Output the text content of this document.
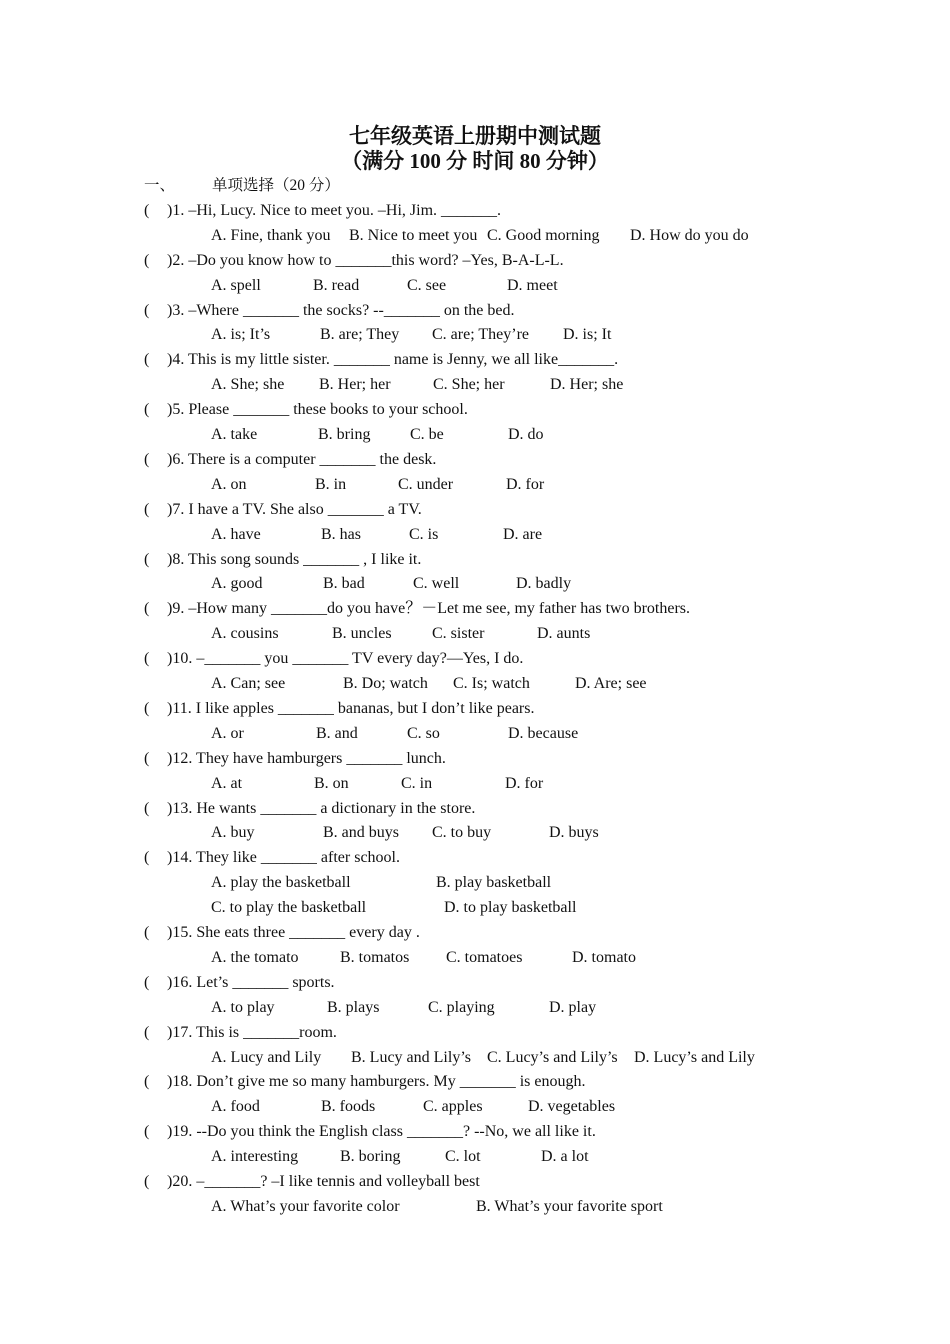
七年级英语上册期中测试题
（满分 100 分 时间 80 分钟）
一、 单项选择（20 分）
( )1. –Hi, Lucy. Nice to meet you. –Hi, Jim. _______.
A. Fine, thank you B. Nice to meet you C. Good morning D. How do you do
( )2. –Do you know how to _______this word? –Yes, B-A-L-L.
A. spell	B. read	C. see	D. meet
( )3. –Where _______ the socks? --_______ on the bed.
A. is; It’s	B. are; They C. are; They’re D. is; It
( )4. This is my little sister. _______ name is Jenny, we all like_______.
A. She; she B. Her; her	C. She; her	D. Her; she
( )5. Please _______ these books to your school.
A. take	B. bring C. be	D. do
( )6. There is a computer _______ the desk.
A. on	B. in	C. under	D. for
( )7. I have a TV. She also _______ a TV.
A. have	B. has	C. is	D. are
( )8. This song sounds _______ , I like it.
A. good	B. bad	C. well	D. badly
( )9. –How many _______do you have？－Let me see, my father has two brothers.
A. cousins	B. uncles	C. sister	D. aunts
( )10. –_______ you _______ TV every day?—Yes, I do.
A. Can; see	B. Do; watch C. Is; watch	D. Are; see
( )11. I like apples _______ bananas, but I don’t like pears.
A. or	B. and	C. so	D. because
( )12. They have hamburgers _______ lunch.
A. at	B. on	C. in	D. for
( )13. He wants _______ a dictionary in the store.
A. buy	B. and buys C. to buy	D. buys
( )14. They like _______ after school.
A. play the basketball	B. play basketball
C. to play the basketball	D. to play basketball
( )15. She eats three _______ every day .
A. the tomato	B. tomatos C. tomatoes	D. tomato
( )16. Let’s _______ sports.
A. to play	B. plays	C. playing	D. play
( )17. This is _______room.
A. Lucy and Lily B. Lucy and Lily’s C. Lucy’s and Lily’s D. Lucy’s and Lily
( )18. Don’t give me so many hamburgers. My _______ is enough.
A. food	B. foods	C. apples	D. vegetables
( )19. --Do you think the English class _______? --No, we all like it.
A. interesting	B. boring	C. lot	D. a lot
( )20. –_______? –I like tennis and volleyball best
A. What’s your favorite color	B. What’s your favorite sport
